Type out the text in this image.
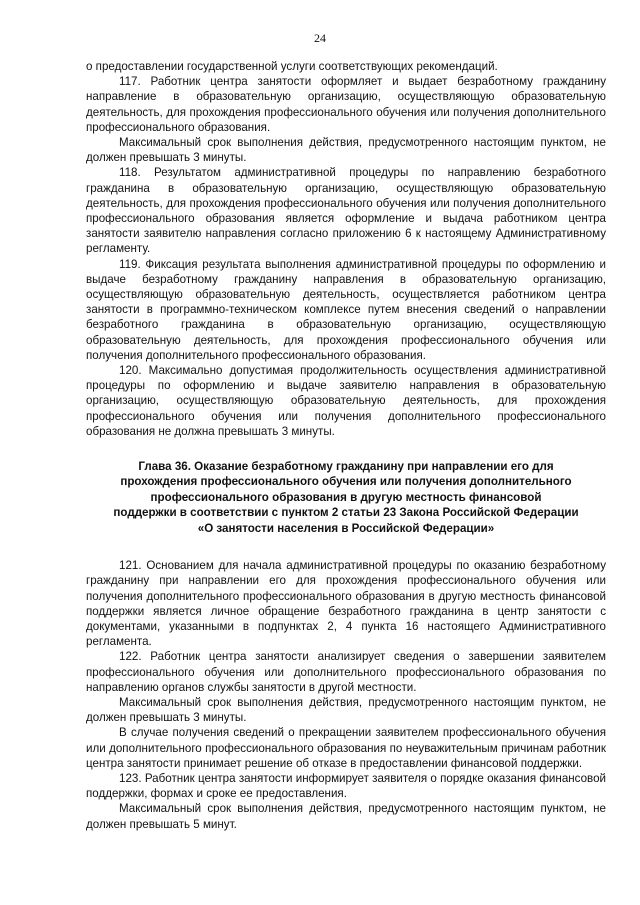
24

о предоставлении государственной услуги соответствующих рекомендаций.

117. Работник центра занятости оформляет и выдает безработному гражданину направление в образовательную организацию, осуществляющую образовательную деятельность, для прохождения профессионального обучения или получения дополнительного профессионального образования.

Максимальный срок выполнения действия, предусмотренного настоящим пунктом, не должен превышать 3 минуты.

118. Результатом административной процедуры по направлению безработного гражданина в образовательную организацию, осуществляющую образовательную деятельность, для прохождения профессионального обучения или получения дополнительного профессионального образования является оформление и выдача работником центра занятости заявителю направления согласно приложению 6 к настоящему Административному регламенту.

119. Фиксация результата выполнения административной процедуры по оформлению и выдаче безработному гражданину направления в образовательную организацию, осуществляющую образовательную деятельность, осуществляется работником центра занятости в программно-техническом комплексе путем внесения сведений о направлении безработного гражданина в образовательную организацию, осуществляющую образовательную деятельность, для прохождения профессионального обучения или получения дополнительного профессионального образования.

120. Максимально допустимая продолжительность осуществления административной процедуры по оформлению и выдаче заявителю направления в образовательную организацию, осуществляющую образовательную деятельность, для прохождения профессионального обучения или получения дополнительного профессионального образования не должна превышать 3 минуты.

Глава 36. Оказание безработному гражданину при направлении его для
прохождения профессионального обучения или получения дополнительного
профессионального образования в другую местность финансовой
поддержки в соответствии с пунктом 2 статьи 23 Закона Российской Федерации
«О занятости населения в Российской Федерации»

121. Основанием для начала административной процедуры по оказанию безработному гражданину при направлении его для прохождения профессионального обучения или получения дополнительного профессионального образования в другую местность финансовой поддержки является личное обращение безработного гражданина в центр занятости с документами, указанными в подпунктах 2, 4 пункта 16 настоящего Административного регламента.

122. Работник центра занятости анализирует сведения о завершении заявителем профессионального обучения или дополнительного профессионального образования по направлению органов службы занятости в другой местности.

Максимальный срок выполнения действия, предусмотренного настоящим пунктом, не должен превышать 3 минуты.

В случае получения сведений о прекращении заявителем профессионального обучения или дополнительного профессионального образования по неуважительным причинам работник центра занятости принимает решение об отказе в предоставлении финансовой поддержки.

123. Работник центра занятости информирует заявителя о порядке оказания финансовой поддержки, формах и сроке ее предоставления.

Максимальный срок выполнения действия, предусмотренного настоящим пунктом, не должен превышать 5 минут.
